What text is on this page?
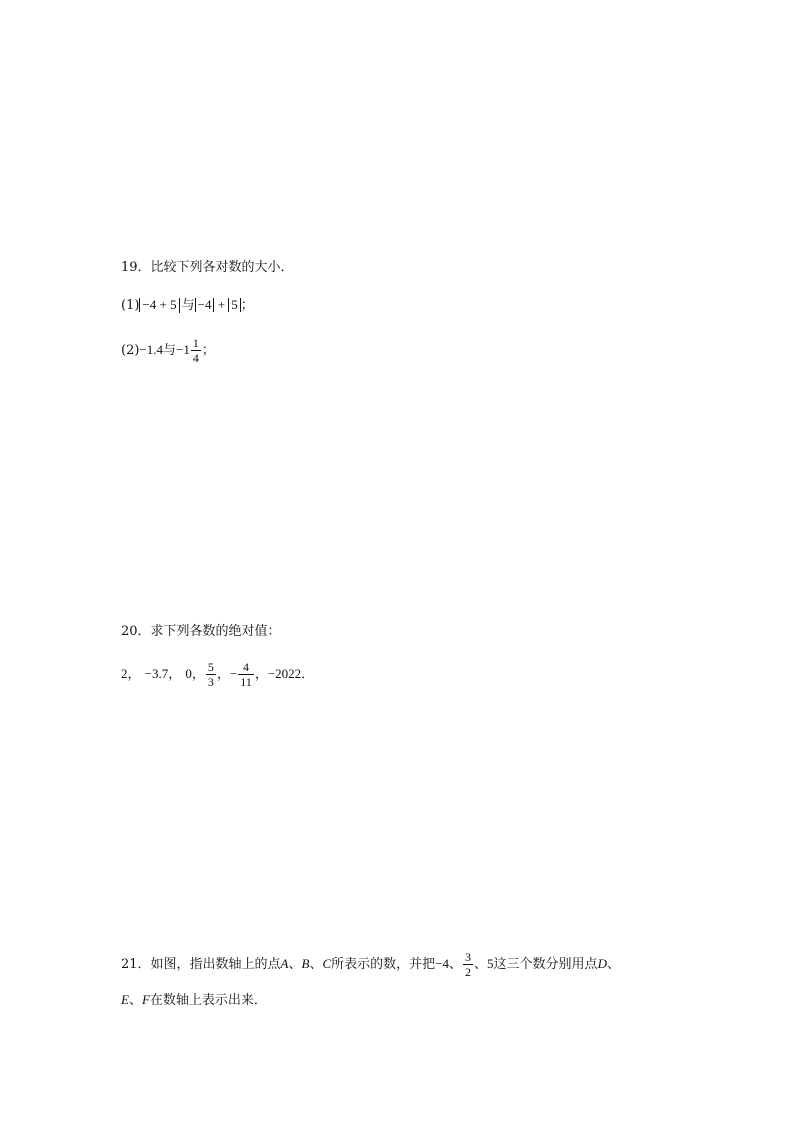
19．比较下列各对数的大小．
(1) −4 + 5 与 −4 + 5 ；
(2)−1.4与$-1 \frac{1}{4}$ ；
20．求下列各数的绝对值：
2， −3.7， 0， $\frac{5}{3}$ ，− $\frac{4}{11}$ ，−2022．
21．如图，指出数轴上的点A、B、C所表示的数，并把−4、 $\frac{3}{2}$ 、5这三个数分别用点D、
E、F在数轴上表示出来．
